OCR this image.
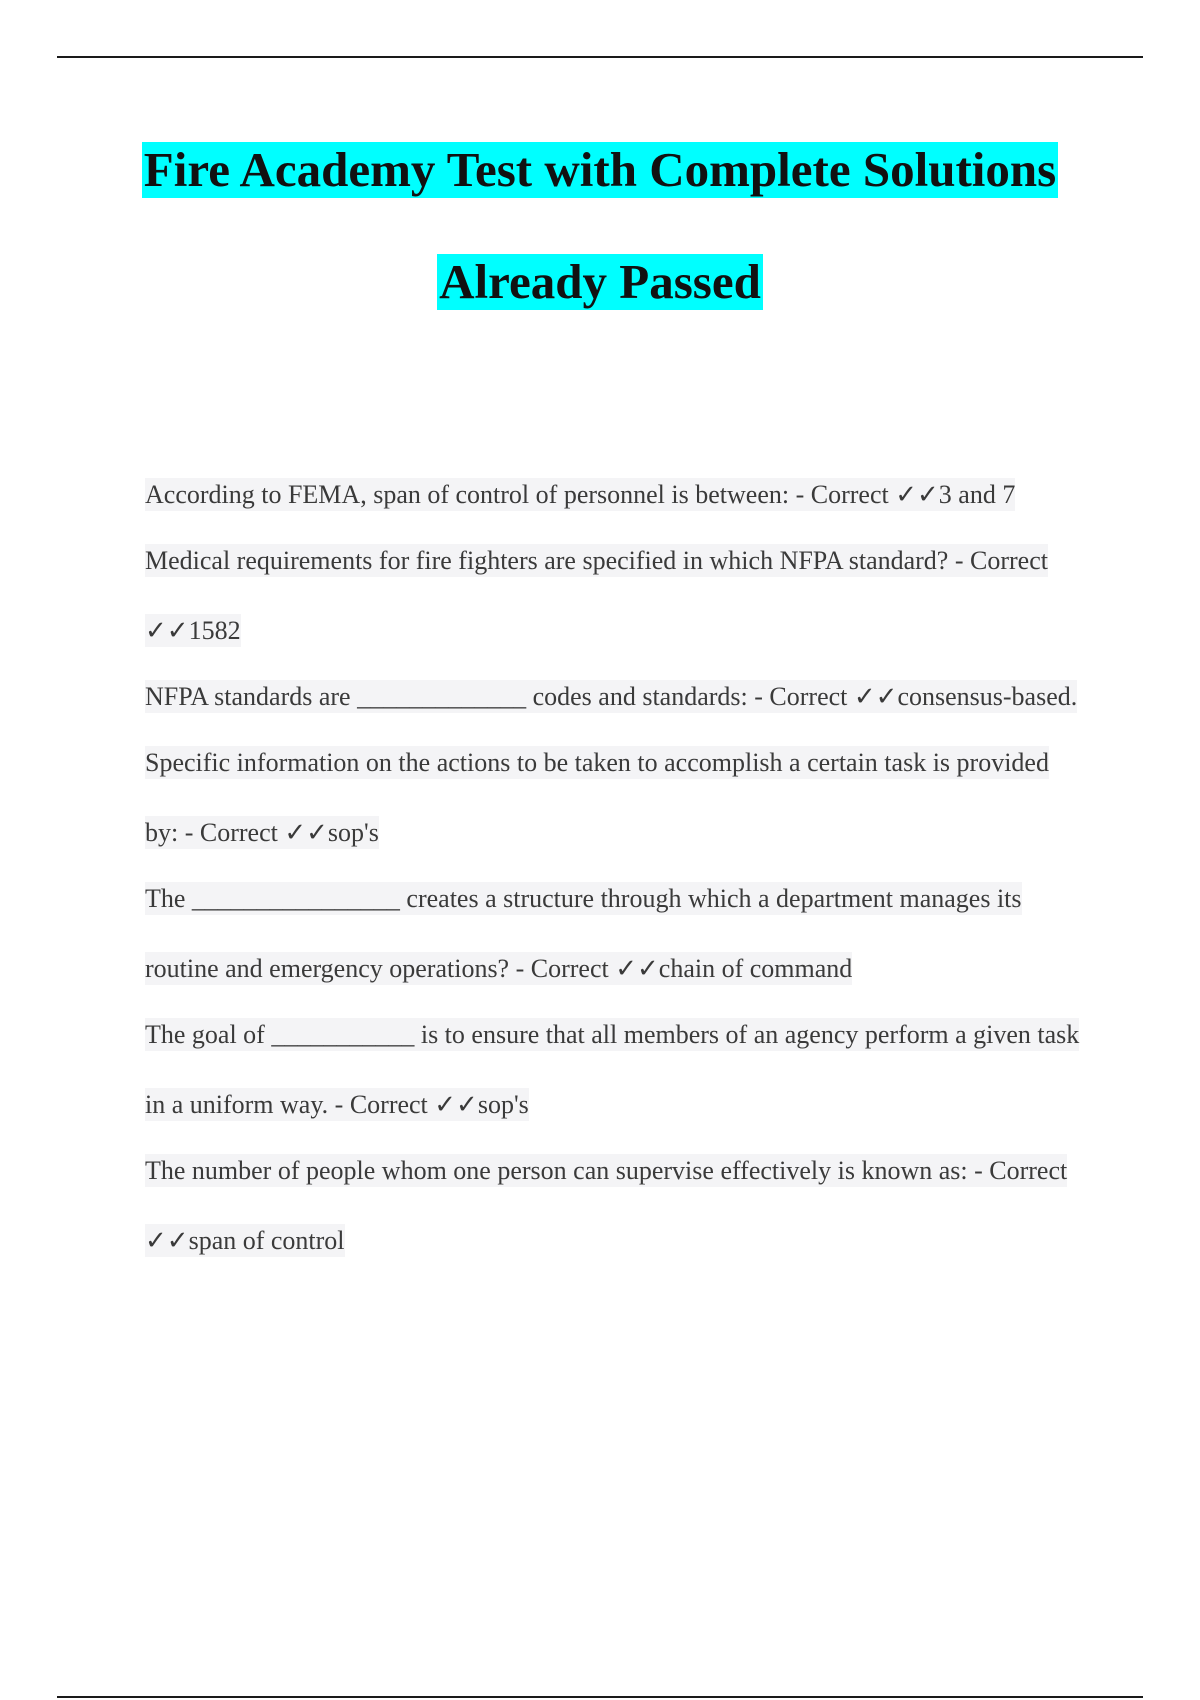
Fire Academy Test with Complete Solutions
Already Passed
According to FEMA, span of control of personnel is between: - Correct ✓✓3 and 7
Medical requirements for fire fighters are specified in which NFPA standard? - Correct ✓✓1582
NFPA standards are _____________ codes and standards: - Correct ✓✓consensus-based.
Specific information on the actions to be taken to accomplish a certain task is provided by: - Correct ✓✓sop's
The ________________ creates a structure through which a department manages its routine and emergency operations? - Correct ✓✓chain of command
The goal of ___________ is to ensure that all members of an agency perform a given task in a uniform way. - Correct ✓✓sop's
The number of people whom one person can supervise effectively is known as: - Correct ✓✓span of control
